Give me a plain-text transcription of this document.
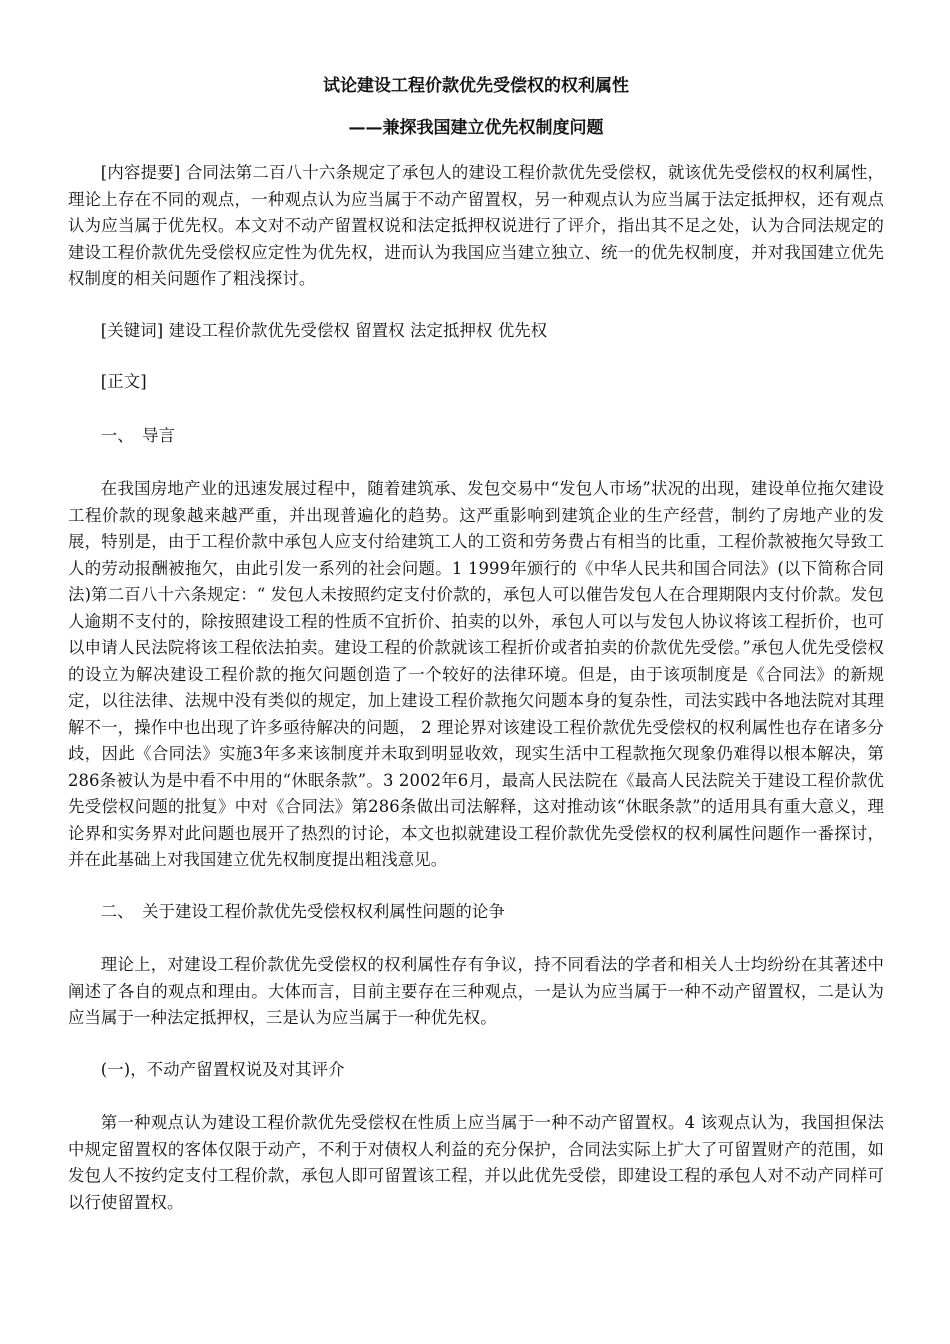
试论建设工程价款优先受偿权的权利属性
——兼探我国建立优先权制度问题

[内容提要] 合同法第二百八十六条规定了承包人的建设工程价款优先受偿权，就该优先受偿权的权利属性，理论上存在不同的观点，一种观点认为应当属于不动产留置权，另一种观点认为应当属于法定抵押权，还有观点认为应当属于优先权。本文对不动产留置权说和法定抵押权说进行了评介，指出其不足之处，认为合同法规定的建设工程价款优先受偿权应定性为优先权，进而认为我国应当建立独立、统一的优先权制度，并对我国建立优先权制度的相关问题作了粗浅探讨。

[关键词] 建设工程价款优先受偿权 留置权 法定抵押权 优先权

[正文]

一、　导言

在我国房地产业的迅速发展过程中，随着建筑承、发包交易中“发包人市场”状况的出现，建设单位拖欠建设工程价款的现象越来越严重，并出现普遍化的趋势。这严重影响到建筑企业的生产经营，制约了房地产业的发展，特别是，由于工程价款中承包人应支付给建筑工人的工资和劳务费占有相当的比重，工程价款被拖欠导致工人的劳动报酬被拖欠，由此引发一系列的社会问题。1 1999年颁行的《中华人民共和国合同法》(以下简称合同法)第二百八十六条规定：“ 发包人未按照约定支付价款的，承包人可以催告发包人在合理期限内支付价款。发包人逾期不支付的，除按照建设工程的性质不宜折价、拍卖的以外，承包人可以与发包人协议将该工程折价，也可以申请人民法院将该工程依法拍卖。建设工程的价款就该工程折价或者拍卖的价款优先受偿。”承包人优先受偿权的设立为解决建设工程价款的拖欠问题创造了一个较好的法律环境。但是，由于该项制度是《合同法》的新规定，以往法律、法规中没有类似的规定，加上建设工程价款拖欠问题本身的复杂性，司法实践中各地法院对其理解不一，操作中也出现了许多亟待解决的问题， 2 理论界对该建设工程价款优先受偿权的权利属性也存在诸多分歧，因此《合同法》实施3年多来该制度并未取到明显收效，现实生活中工程款拖欠现象仍难得以根本解决，第286条被认为是中看不中用的“休眠条款”。3 2002年6月，最高人民法院在《最高人民法院关于建设工程价款优先受偿权问题的批复》中对《合同法》第286条做出司法解释，这对推动该“休眠条款”的适用具有重大意义，理论界和实务界对此问题也展开了热烈的讨论，本文也拟就建设工程价款优先受偿权的权利属性问题作一番探讨，并在此基础上对我国建立优先权制度提出粗浅意见。

二、　关于建设工程价款优先受偿权权利属性问题的论争

理论上，对建设工程价款优先受偿权的权利属性存有争议，持不同看法的学者和相关人士均纷纷在其著述中阐述了各自的观点和理由。大体而言，目前主要存在三种观点，一是认为应当属于一种不动产留置权，二是认为应当属于一种法定抵押权，三是认为应当属于一种优先权。

(一)，不动产留置权说及对其评介

第一种观点认为建设工程价款优先受偿权在性质上应当属于一种不动产留置权。4 该观点认为，我国担保法中规定留置权的客体仅限于动产，不利于对债权人利益的充分保护，合同法实际上扩大了可留置财产的范围，如发包人不按约定支付工程价款，承包人即可留置该工程，并以此优先受偿，即建设工程的承包人对不动产同样可以行使留置权。
